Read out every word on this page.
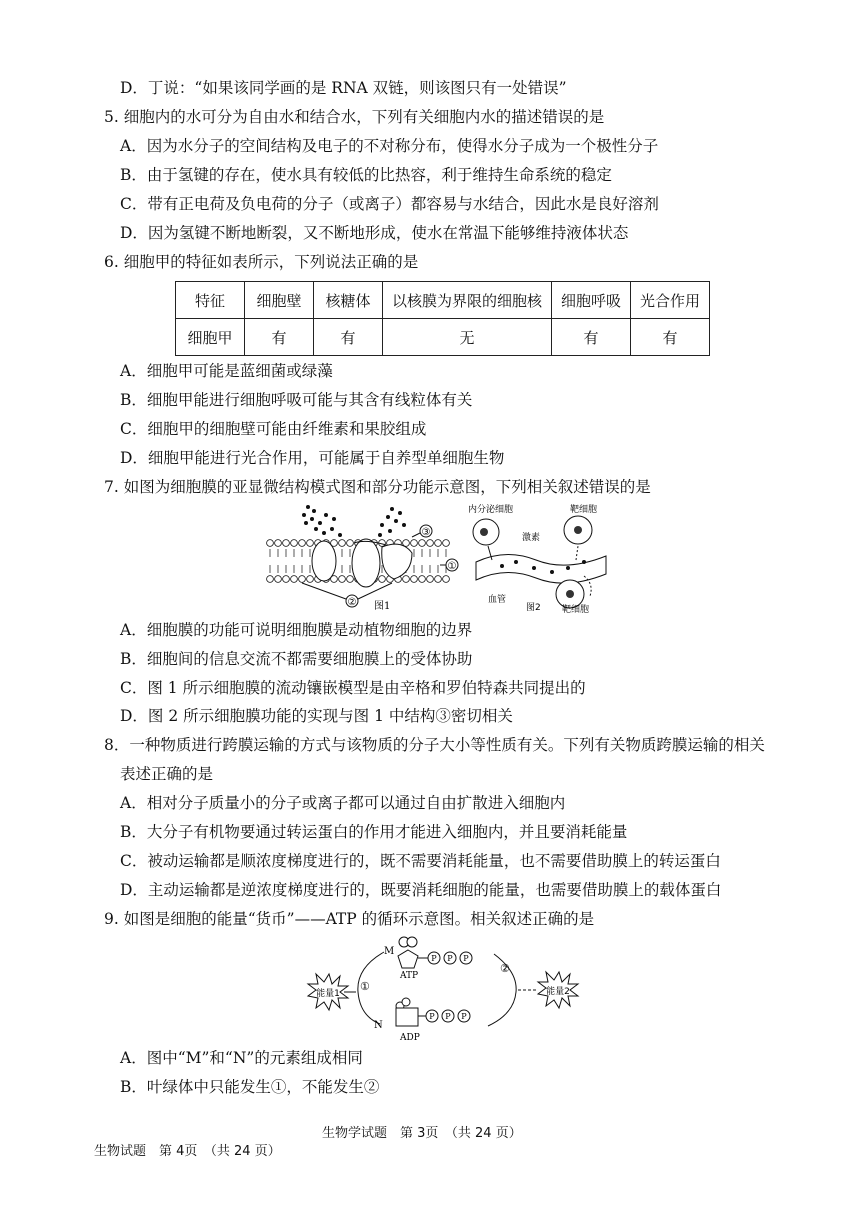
D．丁说：“如果该同学画的是 RNA 双链，则该图只有一处错误”
5. 细胞内的水可分为自由水和结合水，下列有关细胞内水的描述错误的是
A．因为水分子的空间结构及电子的不对称分布，使得水分子成为一个极性分子
B．由于氢键的存在，使水具有较低的比热容，利于维持生命系统的稳定
C．带有正电荷及负电荷的分子（或离子）都容易与水结合，因此水是良好溶剂
D．因为氢键不断地断裂，又不断地形成，使水在常温下能够维持液体状态
6. 细胞甲的特征如表所示，下列说法正确的是
特征	细胞壁	核糖体	以核膜为界限的细胞核	细胞呼吸	光合作用
细胞甲	有	有	无	有	有
A．细胞甲可能是蓝细菌或绿藻
B．细胞甲能进行细胞呼吸可能与其含有线粒体有关
C．细胞甲的细胞壁可能由纤维素和果胶组成
D．细胞甲能进行光合作用，可能属于自养型单细胞生物
7. 如图为细胞膜的亚显微结构模式图和部分功能示意图，下列相关叙述错误的是
③
①
② 图1
内分泌细胞	靶细胞
激素
血管
图2 靶细胞
A．细胞膜的功能可说明细胞膜是动植物细胞的边界
B．细胞间的信息交流不都需要细胞膜上的受体协助
C．图 1 所示细胞膜的流动镶嵌模型是由辛格和罗伯特森共同提出的
D．图 2 所示细胞膜功能的实现与图 1 中结构③密切相关
8．一种物质进行跨膜运输的方式与该物质的分子大小等性质有关。下列有关物质跨膜运输的相关
表述正确的是
A．相对分子质量小的分子或离子都可以通过自由扩散进入细胞内
B．大分子有机物要通过转运蛋白的作用才能进入细胞内，并且要消耗能量
C．被动运输都是顺浓度梯度进行的，既不需要消耗能量，也不需要借助膜上的转运蛋白
D．主动运输都是逆浓度梯度进行的，既要消耗细胞的能量，也需要借助膜上的载体蛋白
9. 如图是细胞的能量“货币”——ATP 的循环示意图。相关叙述正确的是
能量1	能量2
①
②
M
N
P P P
ATP
P P P
ADP
A．图中“M”和“N”的元素组成相同
B．叶绿体中只能发生①，不能发生②
生物学试题　第 3页　（共 24 页）
生物试题　第 4页　（共 24 页）
